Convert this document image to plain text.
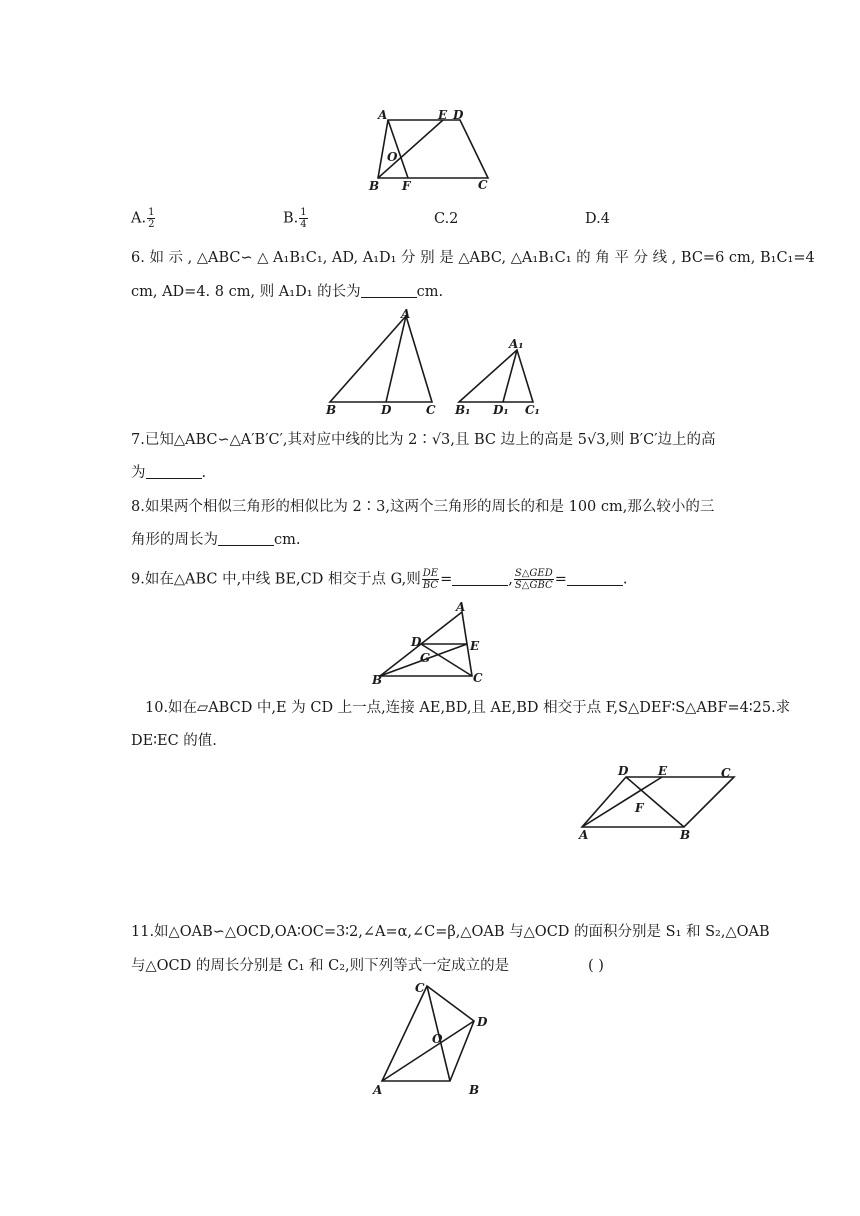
A	E D
O
B F	C
A. $\frac{1}{2}$	B. $\frac{1}{4}$	C.2	D.4
6. 如 示 , △ABC∽ △ A₁B₁C₁, AD, A₁D₁ 分 别 是 △ABC, △A₁B₁C₁ 的 角 平 分 线 , BC=6 cm, B₁C₁=4
cm, AD=4. 8 cm, 则 A₁D₁ 的长为	cm.
A
B	D	C
A₁
B₁ D₁ C₁
7.已知△ABC∽△A′B′C′,其对应中线的比为 2∶√3,且 BC 边上的高是 5√3,则 B′C′边上的高
为	.
8.如果两个相似三角形的相似比为 2∶3,这两个三角形的周长的和是 100 cm,那么较小的三
角形的周长为	cm.
9.如在△ABC 中,中线 BE,CD 相交于点 G,则 $\frac{DE}{BC}$ =	, $\frac{\text{S△GED}}{\text{S△GBC}}$ =	.
A
D	E
G
B	C
10.如在▱ABCD 中,E 为 CD 上一点,连接 AE,BD,且 AE,BD 相交于点 F,S△DEF∶S△ABF=4∶25.求
DE∶EC 的值.
D E	C
F
A	B
11.如△OAB∽△OCD,OA∶OC=3∶2,∠A=α,∠C=β,△OAB 与△OCD 的面积分别是 S₁ 和 S₂,△OAB
与△OCD 的周长分别是 C₁ 和 C₂,则下列等式一定成立的是	( )
C
D
O
A	B
